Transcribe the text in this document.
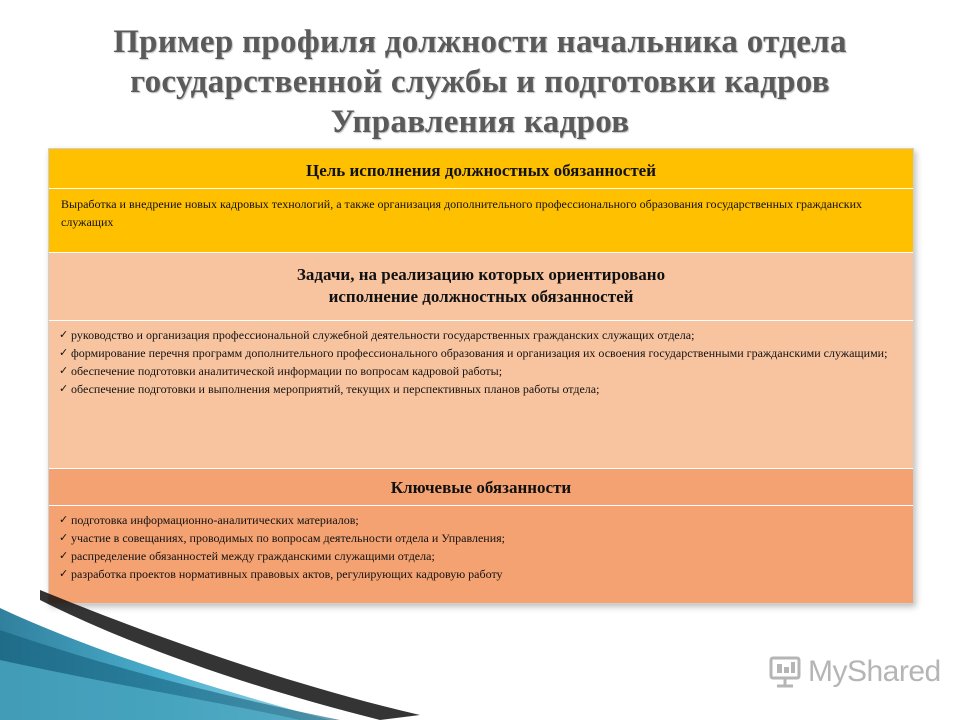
Пример профиля должности начальника отдела
государственной службы и подготовки кадров
Управления кадров
Цель исполнения должностных обязанностей
Выработка и внедрение новых кадровых технологий, а также организация дополнительного профессионального образования государственных гражданских служащих
Задачи, на реализацию которых ориентировано
исполнение должностных обязанностей
✓ руководство и организация профессиональной служебной деятельности государственных гражданских служащих отдела;
✓ формирование перечня программ дополнительного профессионального образования и организация их освоения государственными гражданскими служащими;
✓ обеспечение подготовки аналитической информации по вопросам кадровой работы;
✓ обеспечение подготовки и выполнения мероприятий, текущих и перспективных планов работы отдела;
Ключевые обязанности
✓ подготовка информационно-аналитических материалов;
✓ участие в совещаниях, проводимых по вопросам деятельности отдела и Управления;
✓ распределение обязанностей между гражданскими служащими отдела;
✓ разработка проектов нормативных правовых актов, регулирующих кадровую работу
MyShared
